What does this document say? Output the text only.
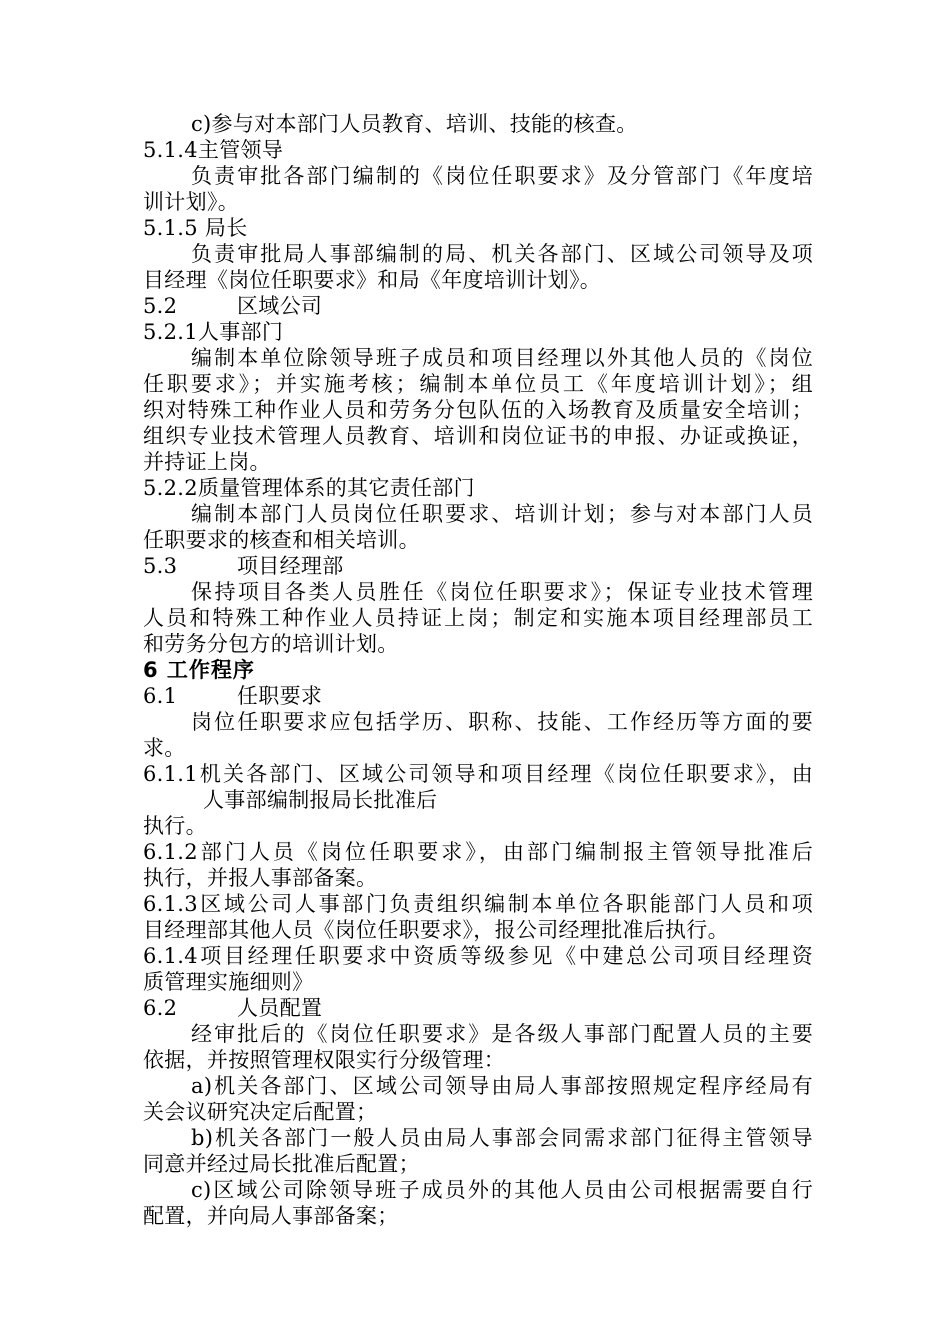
c)参与对本部门人员教育、培训、技能的核查。
5.1.4主管领导
负责审批各部门编制的《岗位任职要求》及分管部门《年度培
训计划》。
5.1.5 局长
负责审批局人事部编制的局、机关各部门、区域公司领导及项
目经理《岗位任职要求》和局《年度培训计划》。
5.2	区域公司
5.2.1人事部门
编制本单位除领导班子成员和项目经理以外其他人员的《岗位
任职要求》；并实施考核；编制本单位员工《年度培训计划》；组
织对特殊工种作业人员和劳务分包队伍的入场教育及质量安全培训；
组织专业技术管理人员教育、培训和岗位证书的申报、办证或换证，
并持证上岗。
5.2.2质量管理体系的其它责任部门
编制本部门人员岗位任职要求、培训计划；参与对本部门人员
任职要求的核查和相关培训。
5.3	项目经理部
保持项目各类人员胜任《岗位任职要求》；保证专业技术管理
人员和特殊工种作业人员持证上岗；制定和实施本项目经理部员工
和劳务分包方的培训计划。
6 工作程序
6.1	任职要求
岗位任职要求应包括学历、职称、技能、工作经历等方面的要
求。
6.1.1机关各部门、区域公司领导和项目经理《岗位任职要求》，由
人事部编制报局长批准后
执行。
6.1.2部门人员《岗位任职要求》，由部门编制报主管领导批准后
执行，并报人事部备案。
6.1.3区域公司人事部门负责组织编制本单位各职能部门人员和项
目经理部其他人员《岗位任职要求》，报公司经理批准后执行。
6.1.4项目经理任职要求中资质等级参见《中建总公司项目经理资
质管理实施细则》
6.2	人员配置
经审批后的《岗位任职要求》是各级人事部门配置人员的主要
依据，并按照管理权限实行分级管理：
a)机关各部门、区域公司领导由局人事部按照规定程序经局有
关会议研究决定后配置；
b)机关各部门一般人员由局人事部会同需求部门征得主管领导
同意并经过局长批准后配置；
c)区域公司除领导班子成员外的其他人员由公司根据需要自行
配置，并向局人事部备案；
